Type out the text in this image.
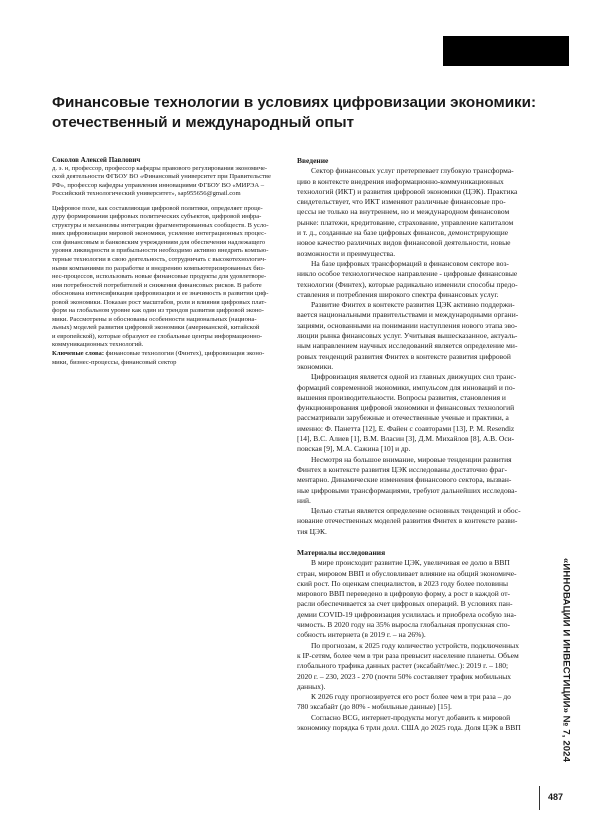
Финансовые технологии в условиях цифровизации экономики:
отечественный и международный опыт
Соколов Алексей Павлович
д. э. н, профессор, профессор кафедры правового регулирования экономиче-
ской деятельности ФГБОУ ВО «Финансовый университет при Правительстве
РФ», профессор кафедры управления инновациями ФГБОУ ВО «МИРЭА –
Российский технологический университет», sap955656@gmail.com
Цифровое поле, как составляющая цифровой политики, определяет проце-
дуру формирования цифровых политических субъектов, цифровой инфра-
структуры и механизмы интеграции фрагментированных сообществ. В усло-
виях цифровизации мировой экономики, усиление интеграционных процес-
сов финансовым и банковским учреждениям для обеспечения надлежащего
уровня ликвидности и прибыльности необходимо активно внедрять компью-
терные технологии в свою деятельность, сотрудничать с высокотехнологич-
ными компаниями по разработке и внедрению компьютеризированных биз-
нес-процессов, использовать новые финансовые продукты для удовлетворе-
ния потребностей потребителей и снижения финансовых рисков. В работе
обоснована интенсификация цифровизации и ее значимость в развитии циф-
ровой экономики. Показан рост масштабов, роли и влияния цифровых плат-
форм на глобальном уровне как один из трендов развития цифровой эконо-
мики. Рассмотрены и обоснованы особенности национальных (национа-
льных) моделей развития цифровой экономики (американской, китайской
и европейской), которые образуют ее глобальные центры информационно-
коммуникационных технологий.
Ключевые слова: финансовые технологии (Финтех), цифровизация эконо-
мики, бизнес-процессы, финансовый сектор
Введение
Сектор финансовых услуг претерпевает глубокую трансформа-
цию в контексте внедрения информационно-коммуникационных
технологий (ИКТ) и развития цифровой экономики (ЦЭК). Практика
свидетельствует, что ИКТ изменяют различные финансовые про-
цессы не только на внутреннем, но и международном финансовом
рынке: платежи, кредитование, страхование, управление капиталом
и т. д., созданные на базе цифровых финансов, демонстрирующие
новое качество различных видов финансовой деятельности, новые
возможности и преимущества.
На базе цифровых трансформаций в финансовом секторе воз-
никло особое технологическое направление - цифровые финансовые
технологии (Финтех), которые радикально изменили способы предо-
ставления и потребления широкого спектра финансовых услуг.
Развитие Финтех в контексте развития ЦЭК активно поддержи-
вается национальными правительствами и международными органи-
зациями, основанными на понимании наступления нового этапа эво-
люции рынка финансовых услуг. Учитывая вышесказанное, актуаль-
ным направлением научных исследований является определение ми-
ровых тенденций развития Финтех в контексте развития цифровой
экономики.
Цифровизация является одной из главных движущих сил транс-
формаций современной экономики, импульсом для инноваций и по-
вышения производительности. Вопросы развития, становления и
функционирования цифровой экономики и финансовых технологий
рассматривали зарубежные и отечественные ученые и практики, а
именно: Ф. Панетта [12], Е. Файен с соавторами [13], Р. M. Resendiz
[14], В.С. Алиев [1], В.М. Власин [3], Д.М. Михайлов [8], А.В. Оси-
повская [9], М.А. Сажина [10] и др.
Несмотря на большое внимание, мировые тенденции развития
Финтех в контексте развития ЦЭК исследованы достаточно фраг-
ментарно. Динамические изменения финансового сектора, вызван-
ные цифровыми трансформациями, требуют дальнейших исследова-
ний.
Целью статьи является определение основных тенденций и обос-
нование отечественных моделей развития Финтех в контексте разви-
тия ЦЭК.
Материалы исследования
В мире происходит развитие ЦЭК, увеличивая ее долю в ВВП
стран, мировом ВВП и обусловливает влияние на общий экономиче-
ский рост. По оценкам специалистов, в 2023 году более половины
мирового ВВП переведено в цифровую форму, а рост в каждой от-
расли обеспечивается за счет цифровых операций. В условиях пан-
демии COVID-19 цифровизация усилилась и приобрела особую зна-
чимость. В 2020 году на 35% выросла глобальная пропускная спо-
собность интернета (в 2019 г. – на 26%).
По прогнозам, к 2025 году количество устройств, подключенных
к IP-сетям, более чем в три раза превысит население планеты. Объем
глобального трафика данных растет (эксабайт/мес.): 2019 г. – 180;
2020 г. – 230, 2023 - 270 (почти 50% составляет трафик мобильных
данных).
К 2026 году прогнозируется его рост более чем в три раза – до
780 эксабайт (до 80% - мобильные данные) [15].
Согласно BCG, интернет-продукты могут добавить к мировой
экономику порядка 6 трлн долл. США до 2025 года. Доля ЦЭК в ВВП	«ИННОВАЦИИ И ИНВЕСТИЦИИ» № 7, 2024
487
